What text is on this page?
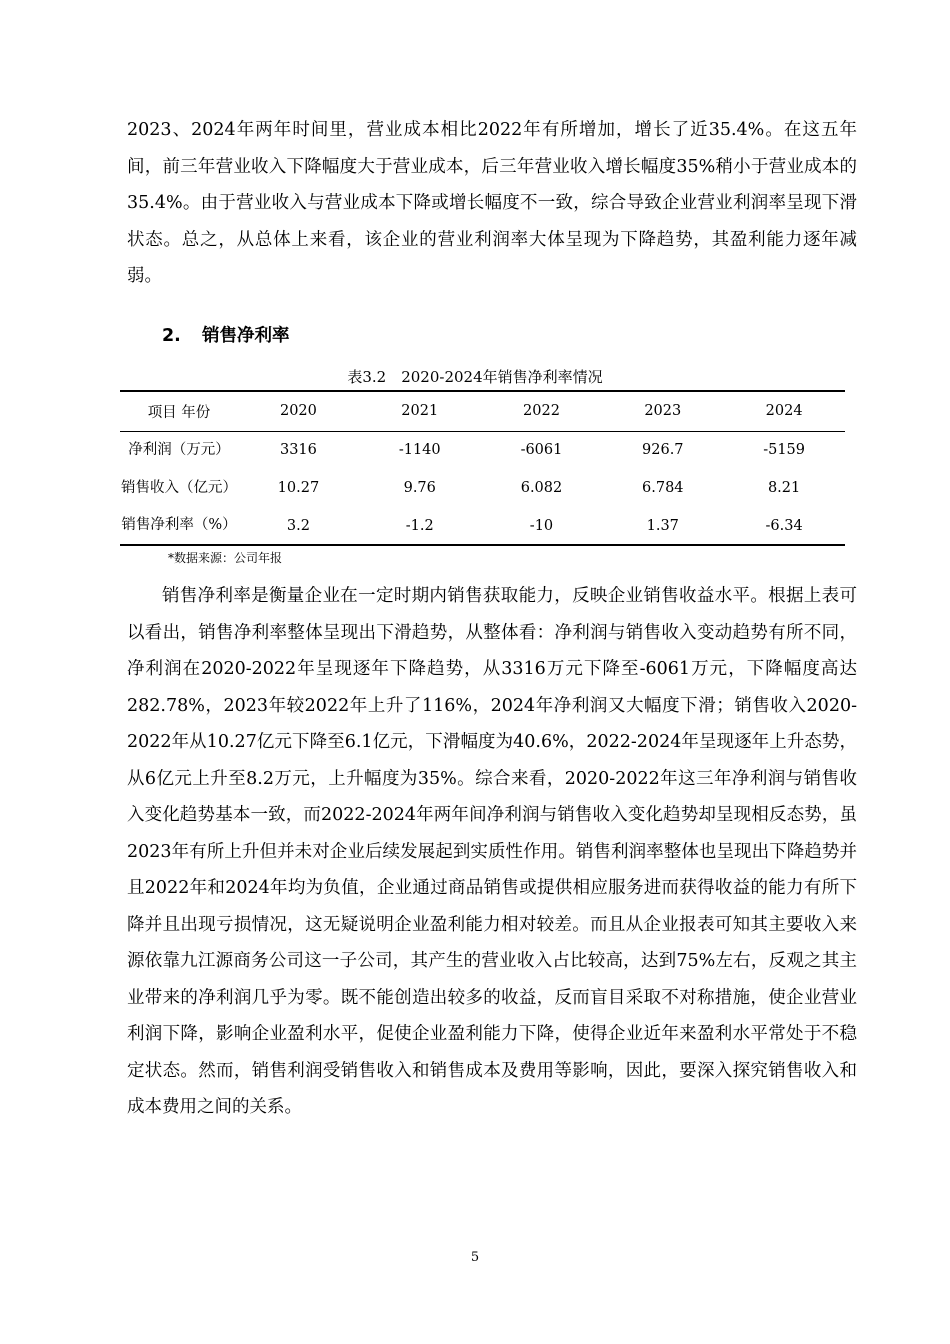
2023、2024年两年时间里，营业成本相比2022年有所增加，增长了近35.4%。在这五年间，前三年营业收入下降幅度大于营业成本，后三年营业收入增长幅度35%稍小于营业成本的35.4%。由于营业收入与营业成本下降或增长幅度不一致，综合导致企业营业利润率呈现下滑状态。总之，从总体上来看，该企业的营业利润率大体呈现为下降趋势，其盈利能力逐年减弱。

2. 销售净利率

表3.2　2020-2024年销售净利率情况

项目 年份	2020	2021	2022	2023	2024
净利润（万元）	3316	-1140	-6061	926.7	-5159
销售收入（亿元）	10.27	9.76	6.082	6.784	8.21
销售净利率（%）	3.2	-1.2	-10	1.37	-6.34

*数据来源：公司年报

销售净利率是衡量企业在一定时期内销售获取能力，反映企业销售收益水平。根据上表可以看出，销售净利率整体呈现出下滑趋势，从整体看：净利润与销售收入变动趋势有所不同，净利润在2020-2022年呈现逐年下降趋势，从3316万元下降至-6061万元，下降幅度高达282.78%，2023年较2022年上升了116%，2024年净利润又大幅度下滑；销售收入2020-2022年从10.27亿元下降至6.1亿元，下滑幅度为40.6%，2022-2024年呈现逐年上升态势，从6亿元上升至8.2万元，上升幅度为35%。综合来看，2020-2022年这三年净利润与销售收入变化趋势基本一致，而2022-2024年两年间净利润与销售收入变化趋势却呈现相反态势，虽2023年有所上升但并未对企业后续发展起到实质性作用。销售利润率整体也呈现出下降趋势并且2022年和2024年均为负值，企业通过商品销售或提供相应服务进而获得收益的能力有所下降并且出现亏损情况，这无疑说明企业盈利能力相对较差。而且从企业报表可知其主要收入来源依靠九江源商务公司这一子公司，其产生的营业收入占比较高，达到75%左右，反观之其主业带来的净利润几乎为零。既不能创造出较多的收益，反而盲目采取不对称措施，使企业营业利润下降，影响企业盈利水平，促使企业盈利能力下降，使得企业近年来盈利水平常处于不稳定状态。然而，销售利润受销售收入和销售成本及费用等影响，因此，要深入探究销售收入和成本费用之间的关系。

5
